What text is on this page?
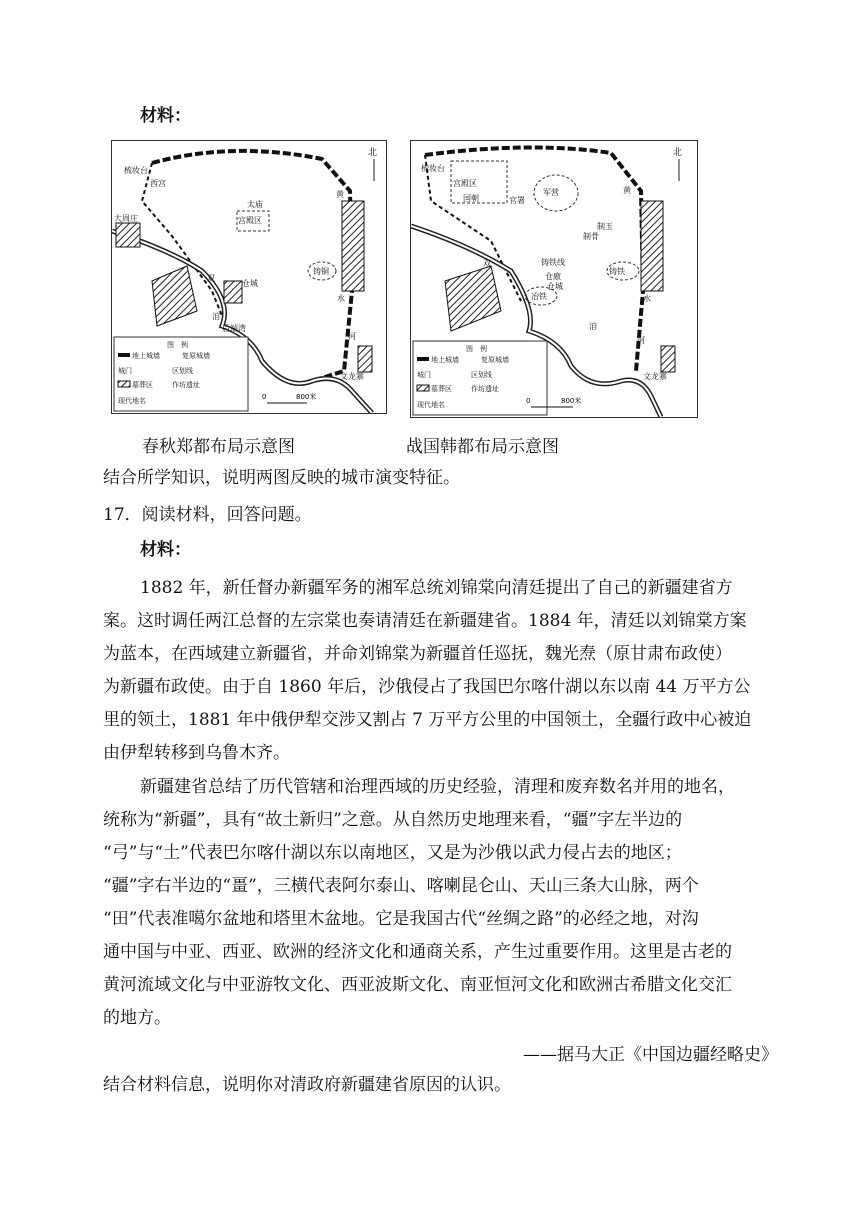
材料：
北
梳妆台
西宫
太庙
宫殿区
大周庄
黄
水
双
洎
河
仓城
后端湾
铸铜
文龙寨
图　例
地上城墙	复原城墙
城门	区划线
墓葬区	作坊遗址
现代地名	0	800米
北
梳妆台
宫殿区
国朝	官署
军营
制骨
制玉
铸铁线
仓廒
仓城
铸铁
冶铁
黄
水
双
洎
河
文龙寨
图　例
地上城墙	复原城墙
城门	区划线
墓葬区	作坊遗址
现代地名	0	800米
春秋郑都布局示意图	战国韩都布局示意图
结合所学知识，说明两图反映的城市演变特征。
17．阅读材料，回答问题。
材料：
1882 年，新任督办新疆军务的湘军总统刘锦棠向清廷提出了自己的新疆建省方
案。这时调任两江总督的左宗棠也奏请清廷在新疆建省。1884 年，清廷以刘锦棠方案
为蓝本，在西域建立新疆省，并命刘锦棠为新疆首任巡抚，魏光焘（原甘肃布政使）
为新疆布政使。由于自 1860 年后，沙俄侵占了我国巴尔喀什湖以东以南 44 万平方公
里的领土，1881 年中俄伊犁交涉又割占 7 万平方公里的中国领土，全疆行政中心被迫
由伊犁转移到乌鲁木齐。
新疆建省总结了历代管辖和治理西域的历史经验，清理和废弃数名并用的地名，
统称为“新疆”，具有“故土新归”之意。从自然历史地理来看，“疆”字左半边的
“弓”与“土”代表巴尔喀什湖以东以南地区，又是为沙俄以武力侵占去的地区；
“疆”字右半边的“畺”，三横代表阿尔泰山、喀喇昆仑山、天山三条大山脉，两个
“田”代表准噶尔盆地和塔里木盆地。它是我国古代“丝绸之路”的必经之地，对沟
通中国与中亚、西亚、欧洲的经济文化和通商关系，产生过重要作用。这里是古老的
黄河流域文化与中亚游牧文化、西亚波斯文化、南亚恒河文化和欧洲古希腊文化交汇
的地方。
——据马大正《中国边疆经略史》
结合材料信息，说明你对清政府新疆建省原因的认识。
